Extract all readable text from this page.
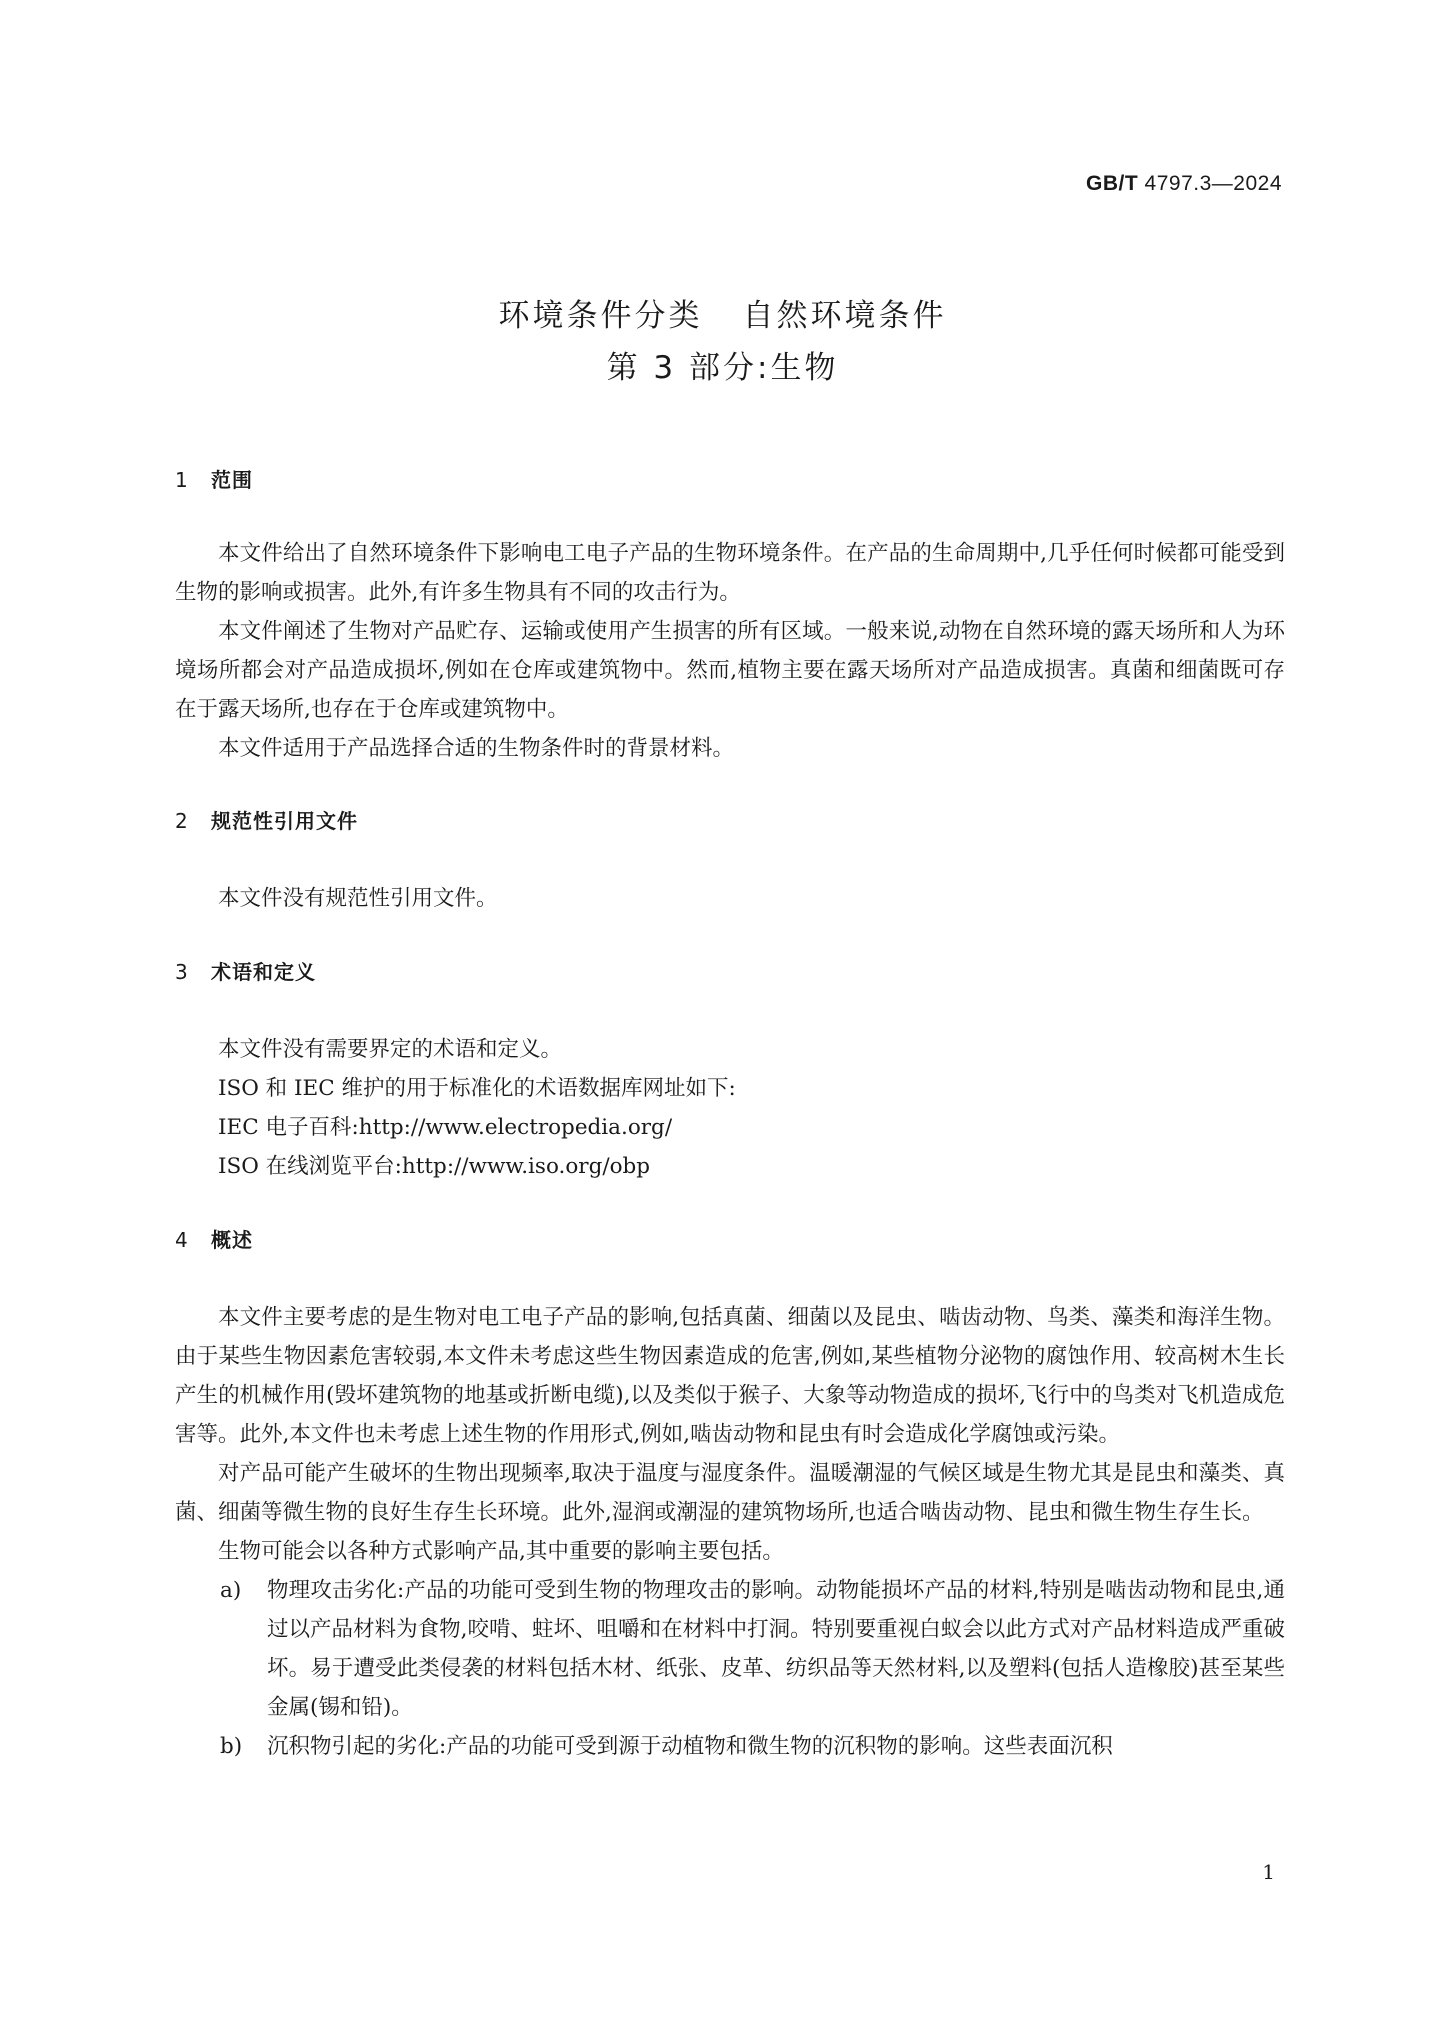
GB/T 4797.3—2024
环境条件分类 自然环境条件
第 3 部分:生物
1 范围

本文件给出了自然环境条件下影响电工电子产品的生物环境条件。在产品的生命周期中,几乎任何时候都可能受到生物的影响或损害。此外,有许多生物具有不同的攻击行为。

本文件阐述了生物对产品贮存、运输或使用产生损害的所有区域。一般来说,动物在自然环境的露天场所和人为环境场所都会对产品造成损坏,例如在仓库或建筑物中。然而,植物主要在露天场所对产品造成损害。真菌和细菌既可存在于露天场所,也存在于仓库或建筑物中。

本文件适用于产品选择合适的生物条件时的背景材料。

2 规范性引用文件

本文件没有规范性引用文件。

3 术语和定义

本文件没有需要界定的术语和定义。

ISO 和 IEC 维护的用于标准化的术语数据库网址如下:

IEC 电子百科:http://www.electropedia.org/

ISO 在线浏览平台:http://www.iso.org/obp

4 概述

本文件主要考虑的是生物对电工电子产品的影响,包括真菌、细菌以及昆虫、啮齿动物、鸟类、藻类和海洋生物。由于某些生物因素危害较弱,本文件未考虑这些生物因素造成的危害,例如,某些植物分泌物的腐蚀作用、较高树木生长产生的机械作用(毁坏建筑物的地基或折断电缆),以及类似于猴子、大象等动物造成的损坏,飞行中的鸟类对飞机造成危害等。此外,本文件也未考虑上述生物的作用形式,例如,啮齿动物和昆虫有时会造成化学腐蚀或污染。

对产品可能产生破坏的生物出现频率,取决于温度与湿度条件。温暖潮湿的气候区域是生物尤其是昆虫和藻类、真菌、细菌等微生物的良好生存生长环境。此外,湿润或潮湿的建筑物场所,也适合啮齿动物、昆虫和微生物生存生长。

生物可能会以各种方式影响产品,其中重要的影响主要包括。

a) 物理攻击劣化:产品的功能可受到生物的物理攻击的影响。动物能损坏产品的材料,特别是啮齿动物和昆虫,通过以产品材料为食物,咬啃、蛀坏、咀嚼和在材料中打洞。特别要重视白蚁会以此方式对产品材料造成严重破坏。易于遭受此类侵袭的材料包括木材、纸张、皮革、纺织品等天然材料,以及塑料(包括人造橡胶)甚至某些金属(锡和铅)。
b) 沉积物引起的劣化:产品的功能可受到源于动植物和微生物的沉积物的影响。这些表面沉积
1
